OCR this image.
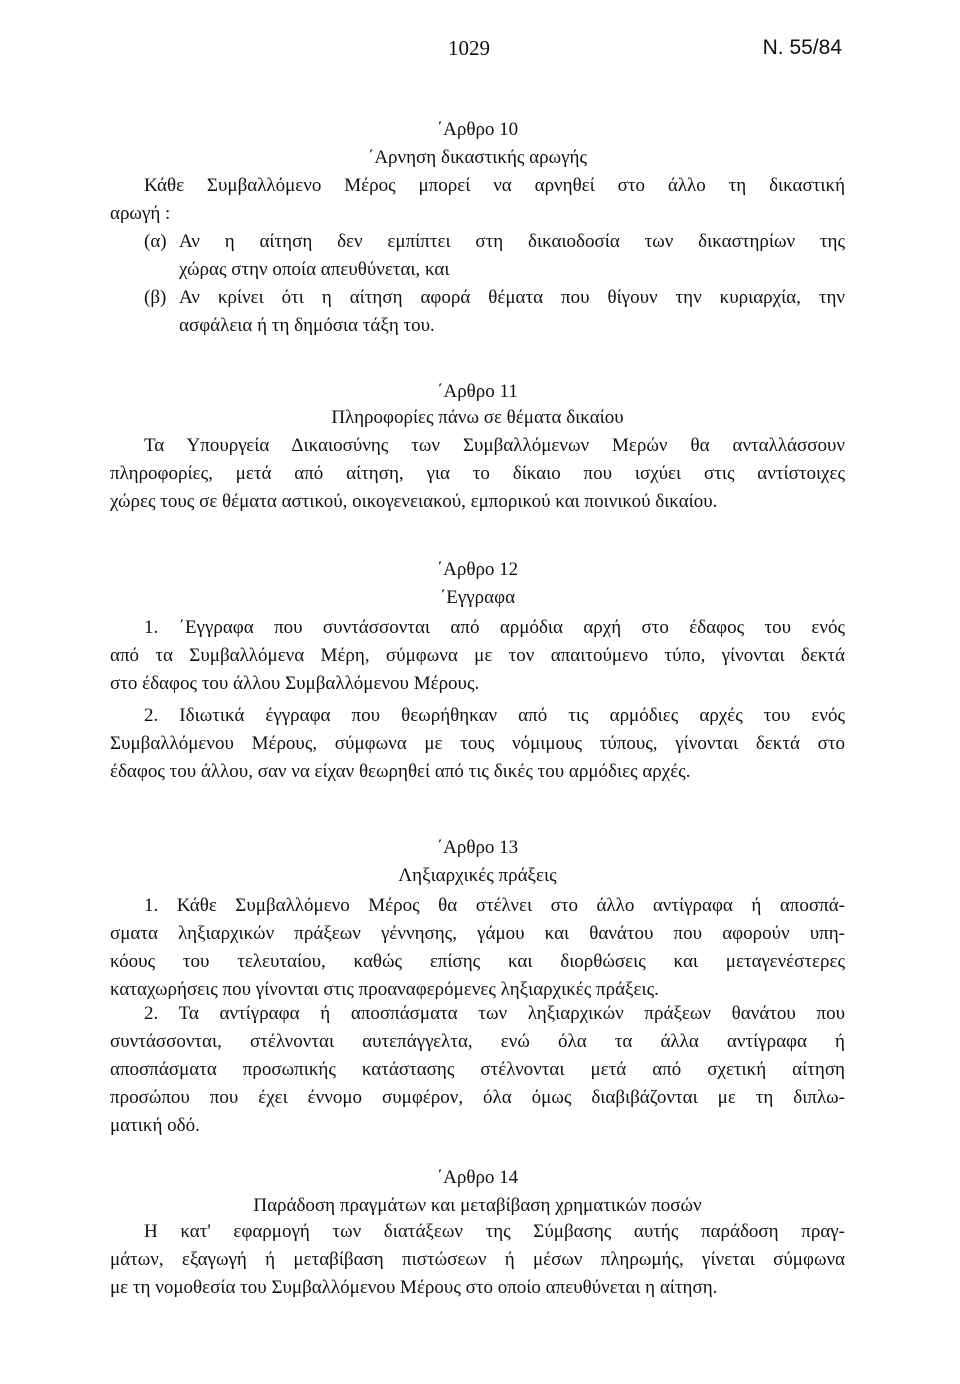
1029	Ν. 55/84
΄Αρθρο 10
΄Αρνηση δικαστικής αρωγής
Κάθε Συμβαλλόμενο Μέρος μπορεί να αρνηθεί στο άλλο τη δικαστική
αρωγή :
(α) Αν η αίτηση δεν εμπίπτει στη δικαιοδοσία των δικαστηρίων της
χώρας στην οποία απευθύνεται, και
(β) Αν κρίνει ότι η αίτηση αφορά θέματα που θίγουν την κυριαρχία, την
ασφάλεια ή τη δημόσια τάξη του.
΄Αρθρο 11
Πληροφορίες πάνω σε θέματα δικαίου
Τα Υπουργεία Δικαιοσύνης των Συμβαλλόμενων Μερών θα ανταλλάσσουν
πληροφορίες, μετά από αίτηση, για το δίκαιο που ισχύει στις αντίστοιχες
χώρες τους σε θέματα αστικού, οικογενειακού, εμπορικού και ποινικού δικαίου.
΄Αρθρο 12
΄Εγγραφα
1. ΄Εγγραφα που συντάσσονται από αρμόδια αρχή στο έδαφος του ενός
από τα Συμβαλλόμενα Μέρη, σύμφωνα με τον απαιτούμενο τύπο, γίνονται δεκτά
στο έδαφος του άλλου Συμβαλλόμενου Μέρους.
2. Ιδιωτικά έγγραφα που θεωρήθηκαν από τις αρμόδιες αρχές του ενός
Συμβαλλόμενου Μέρους, σύμφωνα με τους νόμιμους τύπους, γίνονται δεκτά στο
έδαφος του άλλου, σαν να είχαν θεωρηθεί από τις δικές του αρμόδιες αρχές.
΄Αρθρο 13
Ληξιαρχικές πράξεις
1. Κάθε Συμβαλλόμενο Μέρος θα στέλνει στο άλλο αντίγραφα ή αποσπά-
σματα ληξιαρχικών πράξεων γέννησης, γάμου και θανάτου που αφορούν υπη-
κόους του τελευταίου, καθώς επίσης και διορθώσεις και μεταγενέστερες
καταχωρήσεις που γίνονται στις προαναφερόμενες ληξιαρχικές πράξεις.
2. Τα αντίγραφα ή αποσπάσματα των ληξιαρχικών πράξεων θανάτου που
συντάσσονται, στέλνονται αυτεπάγγελτα, ενώ όλα τα άλλα αντίγραφα ή
αποσπάσματα προσωπικής κατάστασης στέλνονται μετά από σχετική αίτηση
προσώπου που έχει έννομο συμφέρον, όλα όμως διαβιβάζονται με τη διπλω-
ματική οδό.
΄Αρθρο 14
Παράδοση πραγμάτων και μεταβίβαση χρηματικών ποσών
Η κατ' εφαρμογή των διατάξεων της Σύμβασης αυτής παράδοση πραγ-
μάτων, εξαγωγή ή μεταβίβαση πιστώσεων ή μέσων πληρωμής, γίνεται σύμφωνα
με τη νομοθεσία του Συμβαλλόμενου Μέρους στο οποίο απευθύνεται η αίτηση.
